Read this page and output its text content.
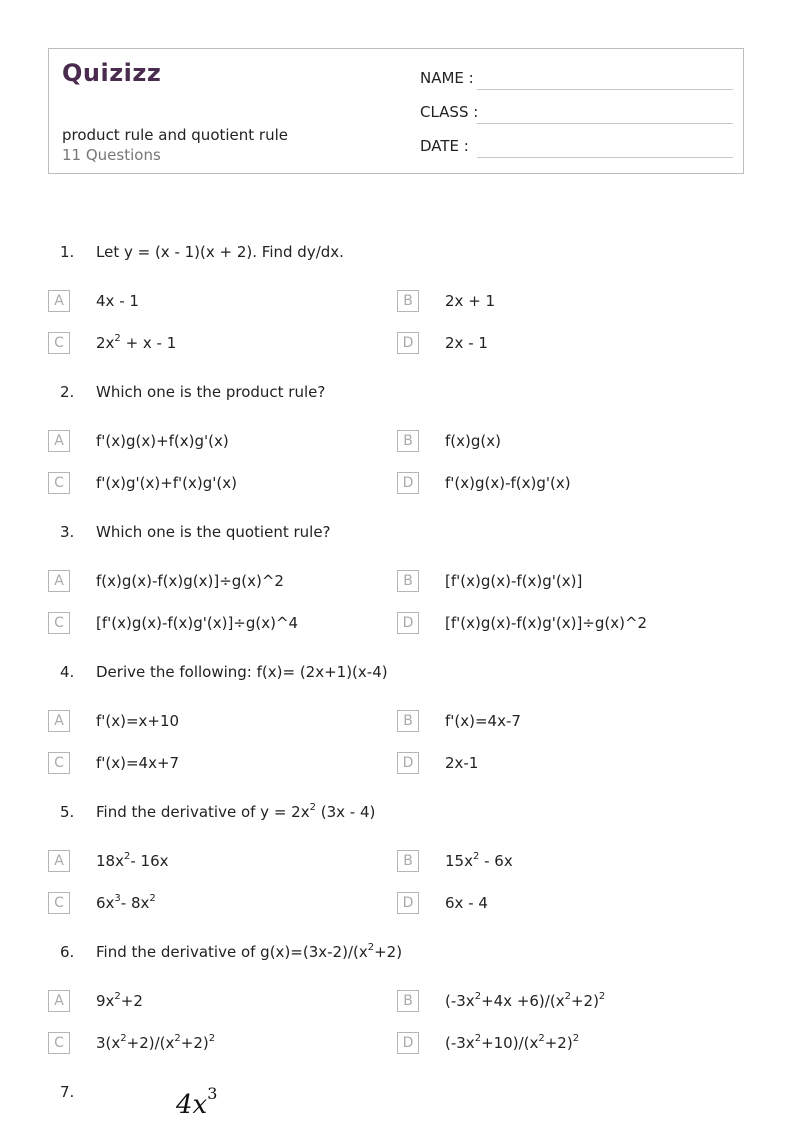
Quizizz
product rule and quotient rule
11 Questions
NAME :
CLASS :
DATE :
1. Let y = (x - 1)(x + 2). Find dy/dx.
A	4x - 1	B	2x + 1
C	$2x^2 + x - 1$	D	2x - 1
2. Which one is the product rule?
A	f'(x)g(x)+f(x)g'(x)	B	f(x)g(x)
C	f'(x)g'(x)+f'(x)g'(x)	D	f'(x)g(x)-f(x)g'(x)
3. Which one is the quotient rule?
A	f(x)g(x)-f(x)g(x)]÷g(x)^2	B	[f'(x)g(x)-f(x)g'(x)]
C	[f'(x)g(x)-f(x)g'(x)]÷g(x)^4	D	[f'(x)g(x)-f(x)g'(x)]÷g(x)^2
4. Derive the following: f(x)= (2x+1)(x-4)
A	f'(x)=x+10	B	f'(x)=4x-7
C	f'(x)=4x+7	D	2x-1
5. Find the derivative of $y = 2x^2$ (3x - 4)
A	$18x^2-$ 16x	B	$15x^2 - 6x$
C	$6x^3-$ $8x^2$	D	6x - 4
6. Find the derivative of $g(x)=(3x-2)/(x^2+2)$
A	$9x^2+2$	B	$(-3x^2+4x +6)/(x^2+2)^2$
C	$3(x^2+2)/(x^2+2)^2$	D	$(-3x^2+10)/(x^2+2)^2$
7.	$4x^3$
